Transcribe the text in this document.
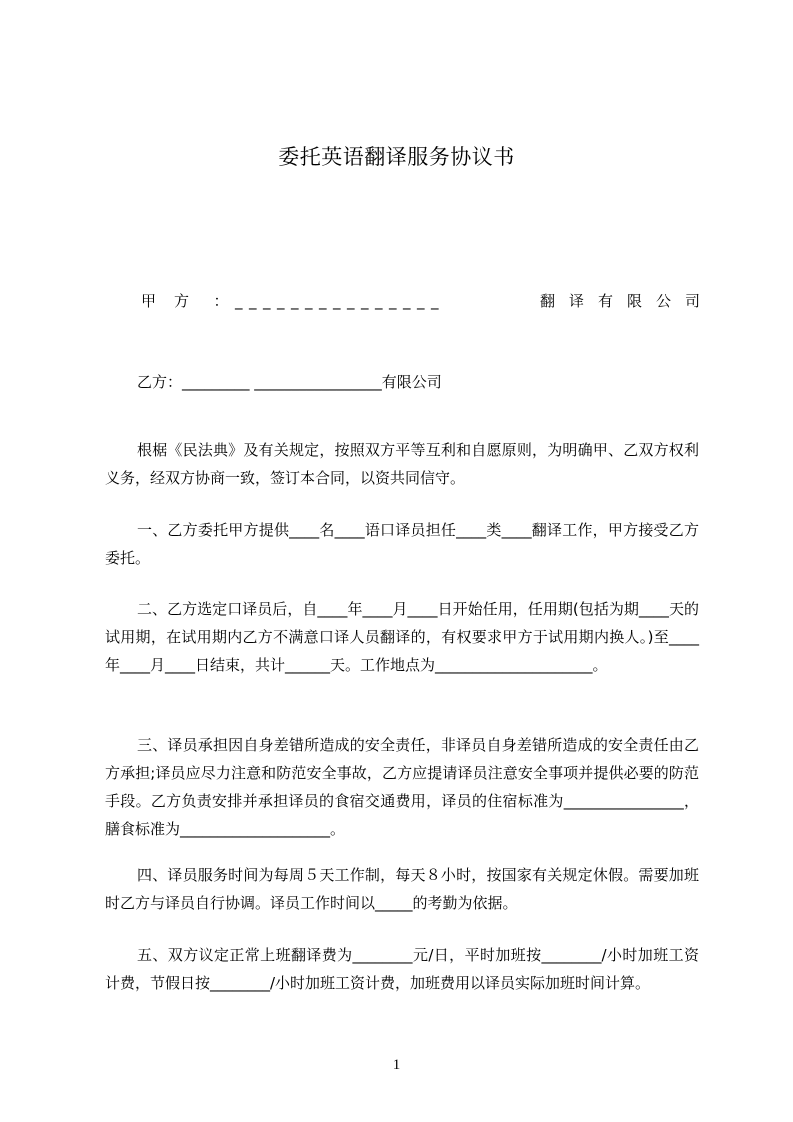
委托英语翻译服务协议书
甲方 ： _______________	翻译有限公司
乙方：_________ _________________有限公司

根椐《民法典》及有关规定，按照双方平等互利和自愿原则，为明确甲、乙双方权利义务，经双方协商一致，签订本合同，以资共同信守。

一、乙方委托甲方提供____名____语口译员担任____类____翻译工作，甲方接受乙方委托。

二、乙方选定口译员后，自____年____月____日开始任用，任用期(包括为期____天的试用期，在试用期内乙方不满意口译人员翻译的，有权要求甲方于试用期内换人。)至____年____月____日结束，共计______天。工作地点为_____________________。

三、译员承担因自身差错所造成的安全责任，非译员自身差错所造成的安全责任由乙方承担;译员应尽力注意和防范安全事故，乙方应提请译员注意安全事项并提供必要的防范手段。乙方负责安排并承担译员的食宿交通费用，译员的住宿标准为________________，膳食标准为____________________。

四、译员服务时间为每周５天工作制，每天８小时，按国家有关规定休假。需要加班时乙方与译员自行协调。译员工作时间以_____的考勤为依据。

五、双方议定正常上班翻译费为________元/日，平时加班按________/小时加班工资计费，节假日按________/小时加班工资计费，加班费用以译员实际加班时间计算。

1
